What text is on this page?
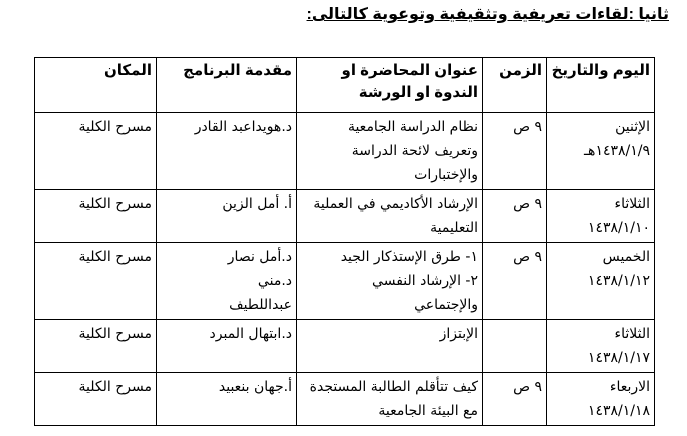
ثانيا :لقاءات تعريفية وتثقيفية وتوعوية كالتالى:
اليوم والتاريخ	الزمن	عنوان المحاضرة او الندوة او الورشة	مقدمة البرنامج	المكان

الإثنين
١٤٣٨/١/٩هـ	٩ ص	نظام الدراسة الجامعية
وتعريف لائحة الدراسة
والإختبارات	د.هويداعبد القادر	مسرح الكلية

الثلاثاء
١٤٣٨/١/١٠	٩ ص	الإرشاد الأكاديمي في العملية
التعليمية	أ. أمل الزين	مسرح الكلية

الخميس
١٤٣٨/١/١٢	٩ ص	١- طرق الإستذكار الجيد
٢- الإرشاد النفسي
والإجتماعي	د.أمل نصار
د.مني
عبداللطيف	مسرح الكلية

الثلاثاء
١٤٣٨/١/١٧		الإبتزاز	د.ابتهال المبرد	مسرح الكلية

الاربعاء
١٤٣٨/١/١٨	٩ ص	كيف تتأقلم الطالبة المستجدة
مع البيئة الجامعية	أ.جهان بنعبيد	مسرح الكلية
